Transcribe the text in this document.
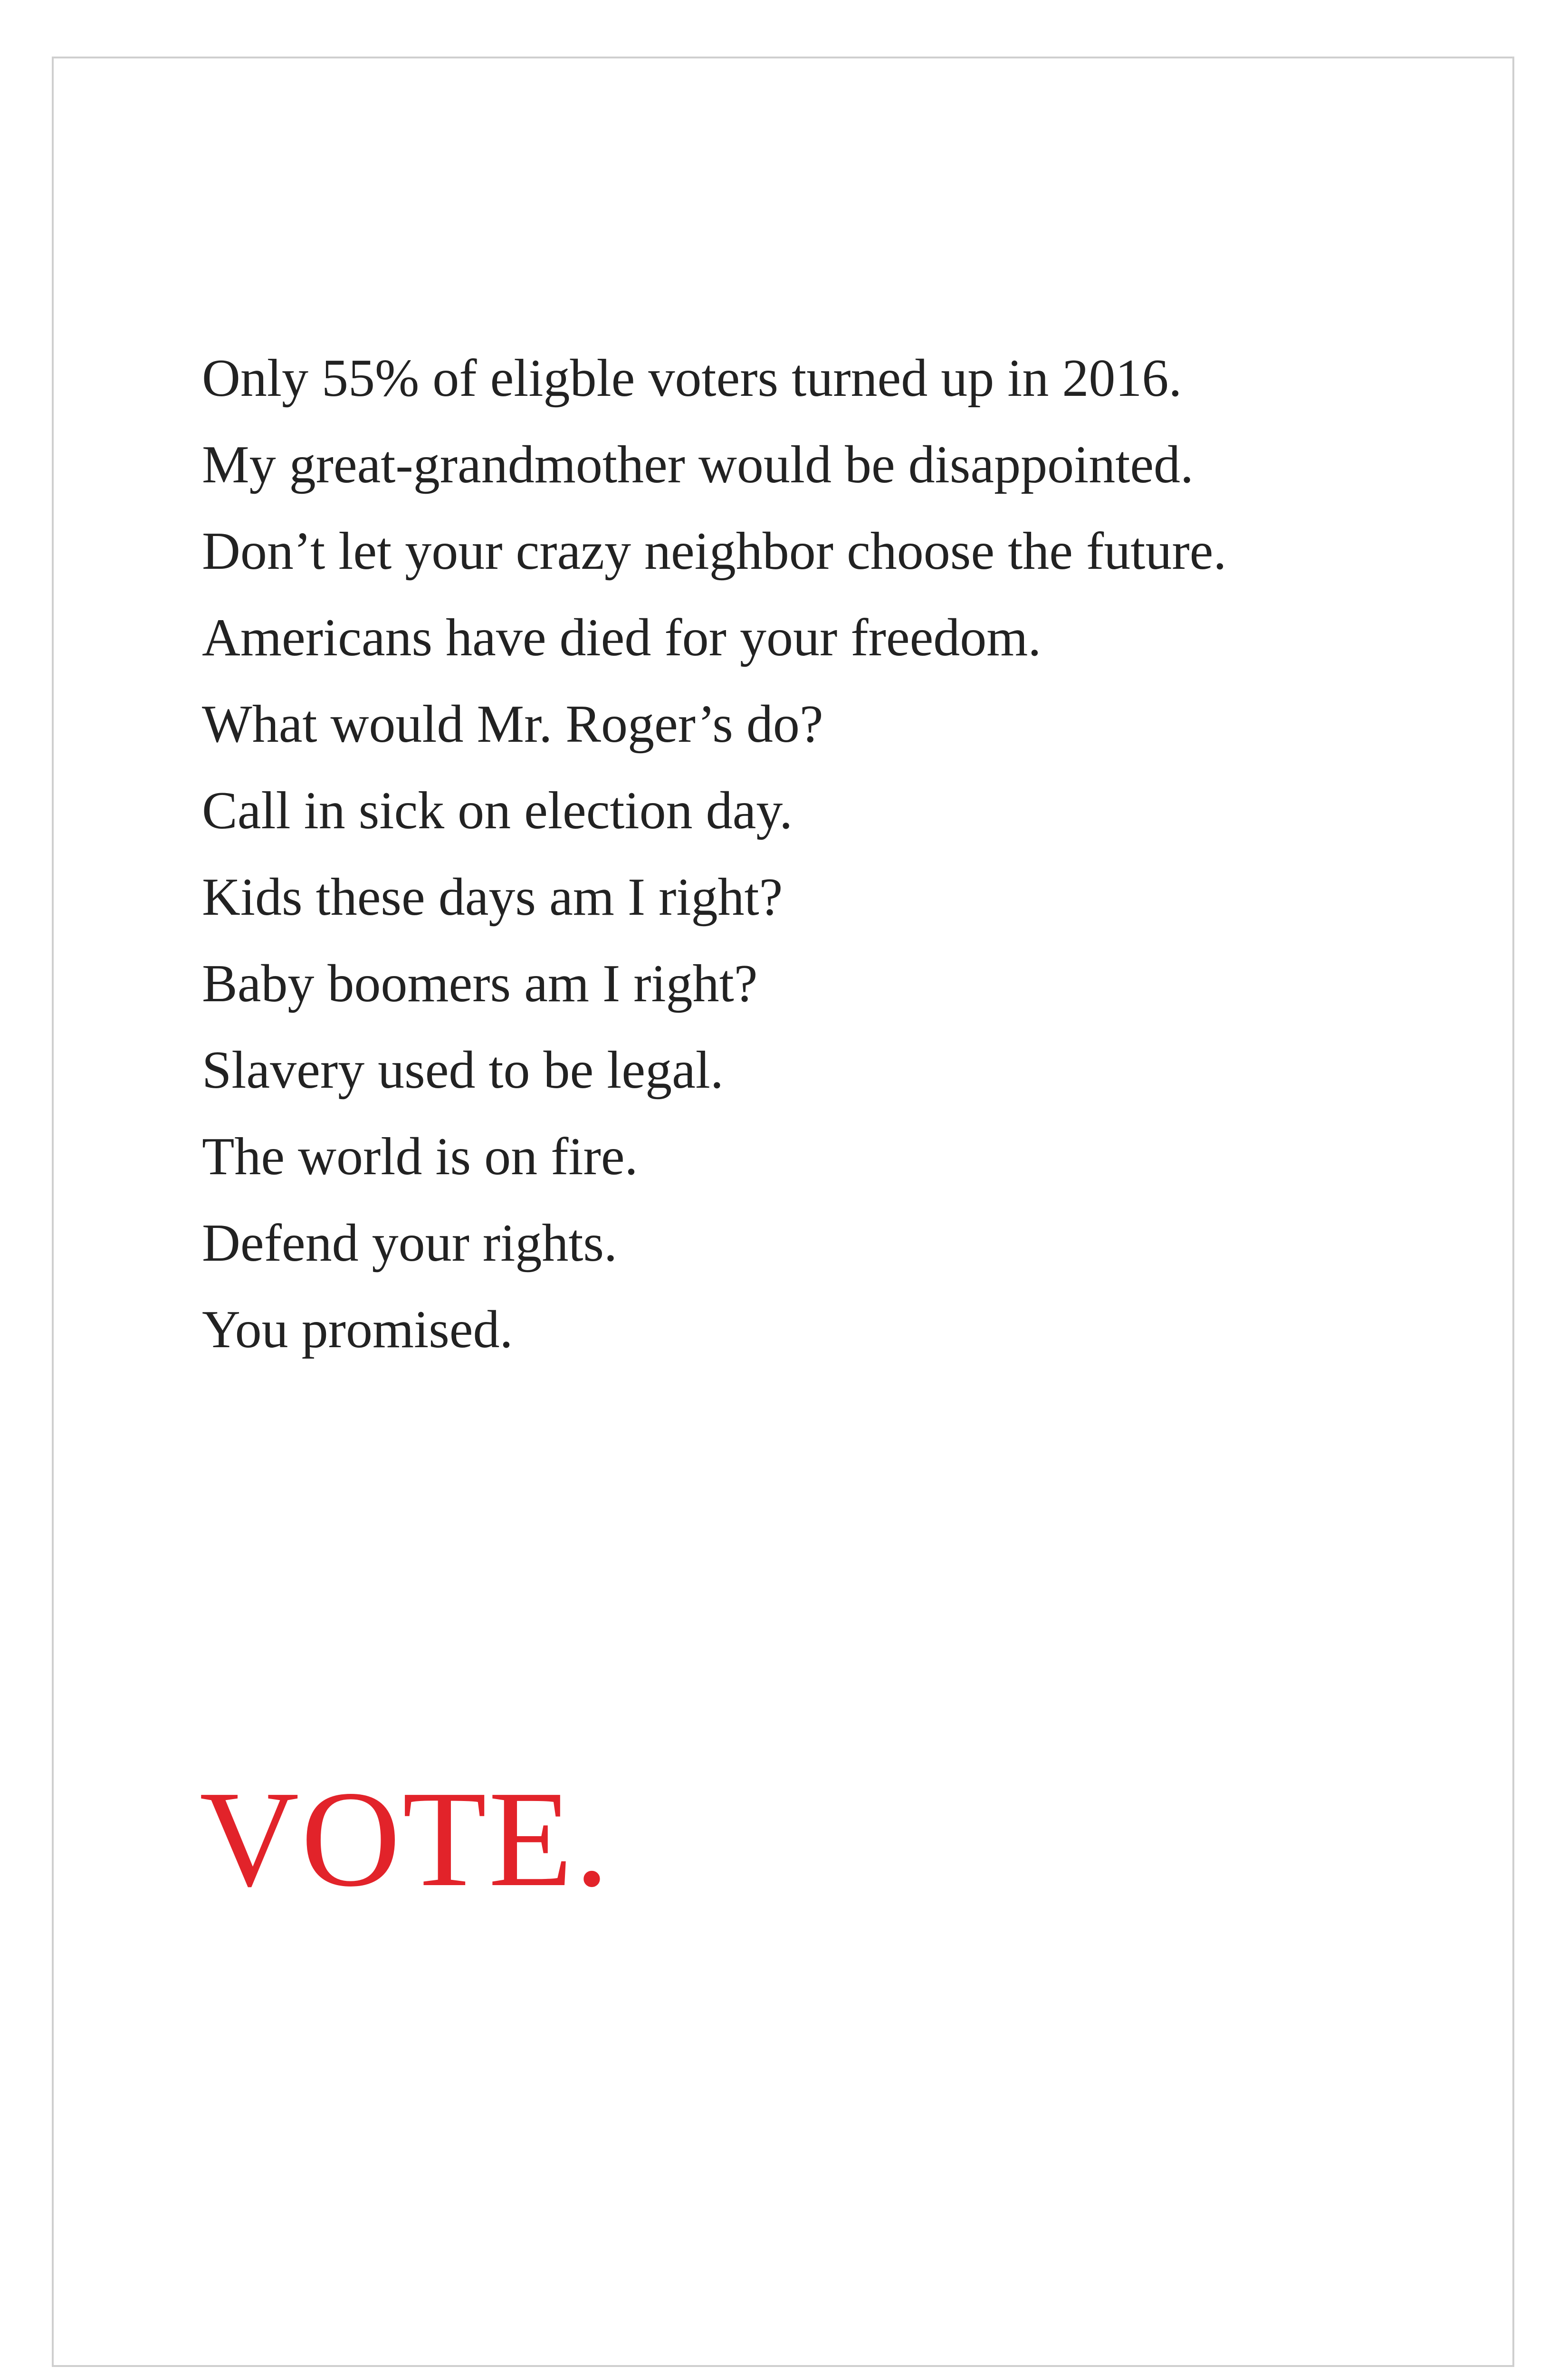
Only 55% of eligble voters turned up in 2016.
My great-grandmother would be disappointed.
Don’t let your crazy neighbor choose the future.
Americans have died for your freedom.
What would Mr. Roger’s do?
Call in sick on election day.
Kids these days am I right?
Baby boomers am I right?
Slavery used to be legal.
The world is on fire.
Defend your rights.
You promised.
VOTE.
